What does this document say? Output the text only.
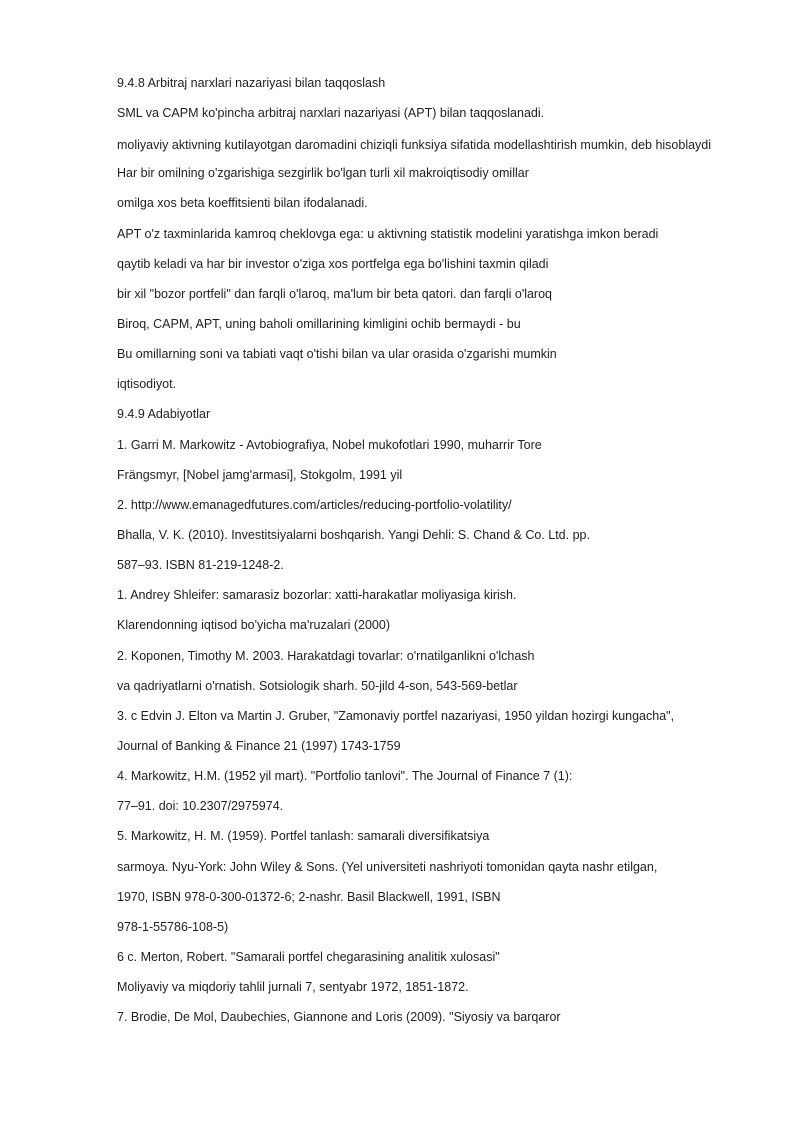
9.4.8 Arbitraj narxlari nazariyasi bilan taqqoslash

SML va CAPM ko'pincha arbitraj narxlari nazariyasi (APT) bilan taqqoslanadi.

moliyaviy aktivning kutilayotgan daromadini chiziqli funksiya sifatida modellashtirish mumkin, deb hisoblaydi

Har bir omilning o'zgarishiga sezgirlik bo'lgan turli xil makroiqtisodiy omillar

omilga xos beta koeffitsienti bilan ifodalanadi.

APT o'z taxminlarida kamroq cheklovga ega: u aktivning statistik modelini yaratishga imkon beradi

qaytib keladi va har bir investor o'ziga xos portfelga ega bo'lishini taxmin qiladi

bir xil "bozor portfeli" dan farqli o'laroq, ma'lum bir beta qatori. dan farqli o'laroq

Biroq, CAPM, APT, uning baholi omillarining kimligini ochib bermaydi - bu

Bu omillarning soni va tabiati vaqt o'tishi bilan va ular orasida o'zgarishi mumkin

iqtisodiyot.

9.4.9 Adabiyotlar

1. Garri M. Markowitz - Avtobiografiya, Nobel mukofotlari 1990, muharrir Tore

Frängsmyr, [Nobel jamg'armasi], Stokgolm, 1991 yil

2. http://www.emanagedfutures.com/articles/reducing-portfolio-volatility/

Bhalla, V. K. (2010). Investitsiyalarni boshqarish. Yangi Dehli: S. Chand & Co. Ltd. pp.

587–93. ISBN 81-219-1248-2.

1. Andrey Shleifer: samarasiz bozorlar: xatti-harakatlar moliyasiga kirish.

Klarendonning iqtisod bo'yicha ma'ruzalari (2000)

2. Koponen, Timothy M. 2003. Harakatdagi tovarlar: o'rnatilganlikni o'lchash

va qadriyatlarni o'rnatish. Sotsiologik sharh. 50-jild 4-son, 543-569-betlar

3. c Edvin J. Elton va Martin J. Gruber, "Zamonaviy portfel nazariyasi, 1950 yildan hozirgi kungacha",

Journal of Banking & Finance 21 (1997) 1743-1759

4. Markowitz, H.M. (1952 yil mart). "Portfolio tanlovi". The Journal of Finance 7 (1):

77–91. doi: 10.2307/2975974.

5. Markowitz, H. M. (1959). Portfel tanlash: samarali diversifikatsiya

sarmoya. Nyu-York: John Wiley & Sons. (Yel universiteti nashriyoti tomonidan qayta nashr etilgan,

1970, ISBN 978-0-300-01372-6; 2-nashr. Basil Blackwell, 1991, ISBN

978-1-55786-108-5)

6 c. Merton, Robert. "Samarali portfel chegarasining analitik xulosasi"

Moliyaviy va miqdoriy tahlil jurnali 7, sentyabr 1972, 1851-1872.

7. Brodie, De Mol, Daubechies, Giannone and Loris (2009). "Siyosiy va barqaror
